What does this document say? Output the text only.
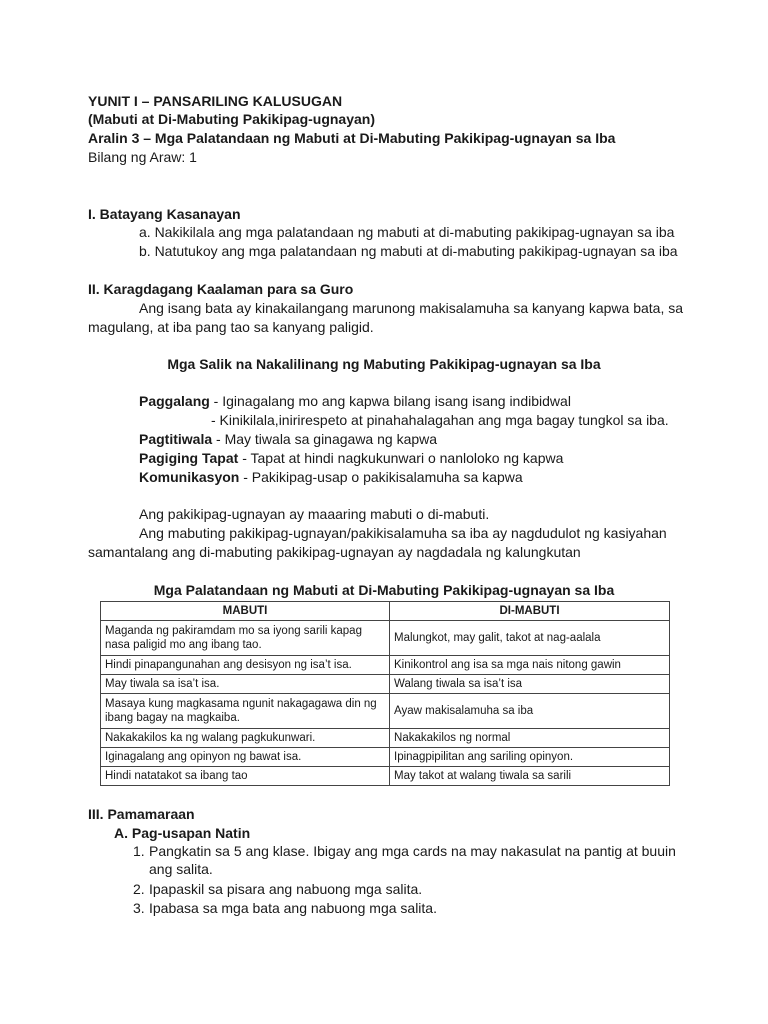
YUNIT I – PANSARILING KALUSUGAN
(Mabuti at Di-Mabuting Pakikipag-ugnayan)
Aralin 3 – Mga Palatandaan ng Mabuti at Di-Mabuting Pakikipag-ugnayan sa Iba
Bilang ng Araw: 1
I. Batayang Kasanayan
a. Nakikilala ang mga palatandaan ng mabuti at di-mabuting pakikipag-ugnayan sa iba
b. Natutukoy ang mga palatandaan ng mabuti at di-mabuting pakikipag-ugnayan sa iba
II. Karagdagang Kaalaman para sa Guro
Ang isang bata ay kinakailangang marunong makisalamuha sa kanyang kapwa bata, sa
magulang, at iba pang tao sa kanyang paligid.
Mga Salik na Nakalilinang ng Mabuting Pakikipag-ugnayan sa Iba
Paggalang - Iginagalang mo ang kapwa bilang isang isang indibidwal
- Kinikilala,inirirespeto at pinahahalagahan ang mga bagay tungkol sa iba.
Pagtitiwala - May tiwala sa ginagawa ng kapwa
Pagiging Tapat - Tapat at hindi nagkukunwari o nanloloko ng kapwa
Komunikasyon - Pakikipag-usap o pakikisalamuha sa kapwa
Ang pakikipag-ugnayan ay maaaring mabuti o di-mabuti.
Ang mabuting pakikipag-ugnayan/pakikisalamuha sa iba ay nagdudulot ng kasiyahan
samantalang ang di-mabuting pakikipag-ugnayan ay nagdadala ng kalungkutan
Mga Palatandaan ng Mabuti at Di-Mabuting Pakikipag-ugnayan sa Iba
MABUTI	DI-MABUTI
Maganda ng pakiramdam mo sa iyong sarili kapag nasa paligid mo ang ibang tao.	Malungkot, may galit, takot at nag-aalala
Hindi pinapangunahan ang desisyon ng isa’t isa.	Kinikontrol ang isa sa mga nais nitong gawin
May tiwala sa isa’t isa.	Walang tiwala sa isa’t isa
Masaya kung magkasama ngunit nakagagawa din ng ibang bagay na magkaiba.	Ayaw makisalamuha sa iba
Nakakakilos ka ng walang pagkukunwari.	Nakakakilos ng normal
Iginagalang ang opinyon ng bawat isa.	Ipinagpipilitan ang sariling opinyon.
Hindi natatakot sa ibang tao	May takot at walang tiwala sa sarili
III. Pamamaraan
A. Pag-usapan Natin
1. Pangkatin sa 5 ang klase. Ibigay ang mga cards na may nakasulat na pantig at buuin ang salita.
2. Ipapaskil sa pisara ang nabuong mga salita.
3. Ipabasa sa mga bata ang nabuong mga salita.
